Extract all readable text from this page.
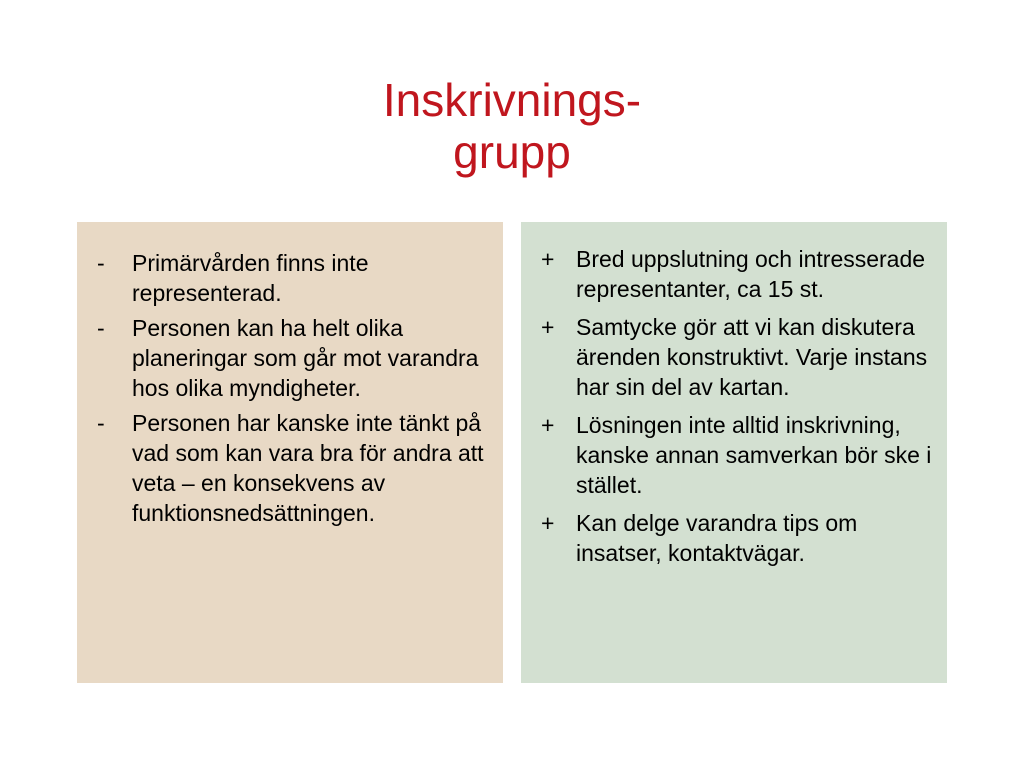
Inskrivnings-
grupp
-	Primärvården finns inte representerad.
-	Personen kan ha helt olika planeringar som går mot varandra hos olika myndigheter.
-	Personen har kanske inte tänkt på vad som kan vara bra för andra att veta – en konsekvens av funktionsnedsättningen.
+ Bred uppslutning och intresserade representanter, ca 15 st.
+ Samtycke gör att vi kan diskutera ärenden konstruktivt. Varje instans har sin del av kartan.
+ Lösningen inte alltid inskrivning, kanske annan samverkan bör ske i stället.
+ Kan delge varandra tips om insatser, kontaktvägar.
